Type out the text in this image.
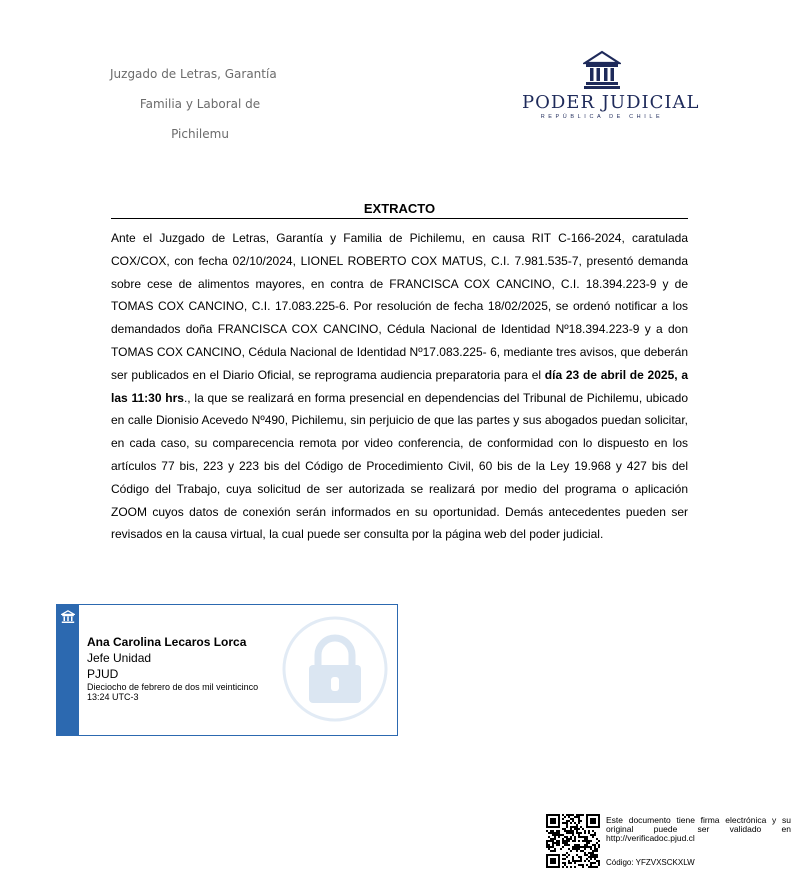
Juzgado de Letras, Garantía
Familia y Laboral de
Pichilemu
PODER JUDICIAL
REPÚBLICA DE CHILE
EXTRACTO

Ante el Juzgado de Letras, Garantía y Familia de Pichilemu, en causa RIT C-166-2024, caratulada COX/COX, con fecha 02/10/2024, LIONEL ROBERTO COX MATUS, C.I. 7.981.535-7, presentó demanda sobre cese de alimentos mayores, en contra de FRANCISCA COX CANCINO, C.I. 18.394.223-9 y de TOMAS COX CANCINO, C.I. 17.083.225-6. Por resolución de fecha 18/02/2025, se ordenó notificar a los demandados doña FRANCISCA COX CANCINO, Cédula Nacional de Identidad Nº18.394.223-9 y a don TOMAS COX CANCINO, Cédula Nacional de Identidad Nº17.083.225- 6, mediante tres avisos, que deberán ser publicados en el Diario Oficial, se reprograma audiencia preparatoria para el día 23 de abril de 2025, a las 11:30 hrs., la que se realizará en forma presencial en dependencias del Tribunal de Pichilemu, ubicado en calle Dionisio Acevedo Nº490, Pichilemu, sin perjuicio de que las partes y sus abogados puedan solicitar, en cada caso, su comparecencia remota por video conferencia, de conformidad con lo dispuesto en los artículos 77 bis, 223 y 223 bis del Código de Procedimiento Civil, 60 bis de la Ley 19.968 y 427 bis del Código del Trabajo, cuya solicitud de ser autorizada se realizará por medio del programa o aplicación ZOOM cuyos datos de conexión serán informados en su oportunidad. Demás antecedentes pueden ser revisados en la causa virtual, la cual puede ser consulta por la página web del poder judicial.

Ana Carolina Lecaros Lorca
Jefe Unidad
PJUD
Dieciocho de febrero de dos mil veinticinco
13:24 UTC-3
Este documento tiene firma electrónica y su original puede ser validado en http://verificadoc.pjud.cl
Código: YFZVXSCKXLW
